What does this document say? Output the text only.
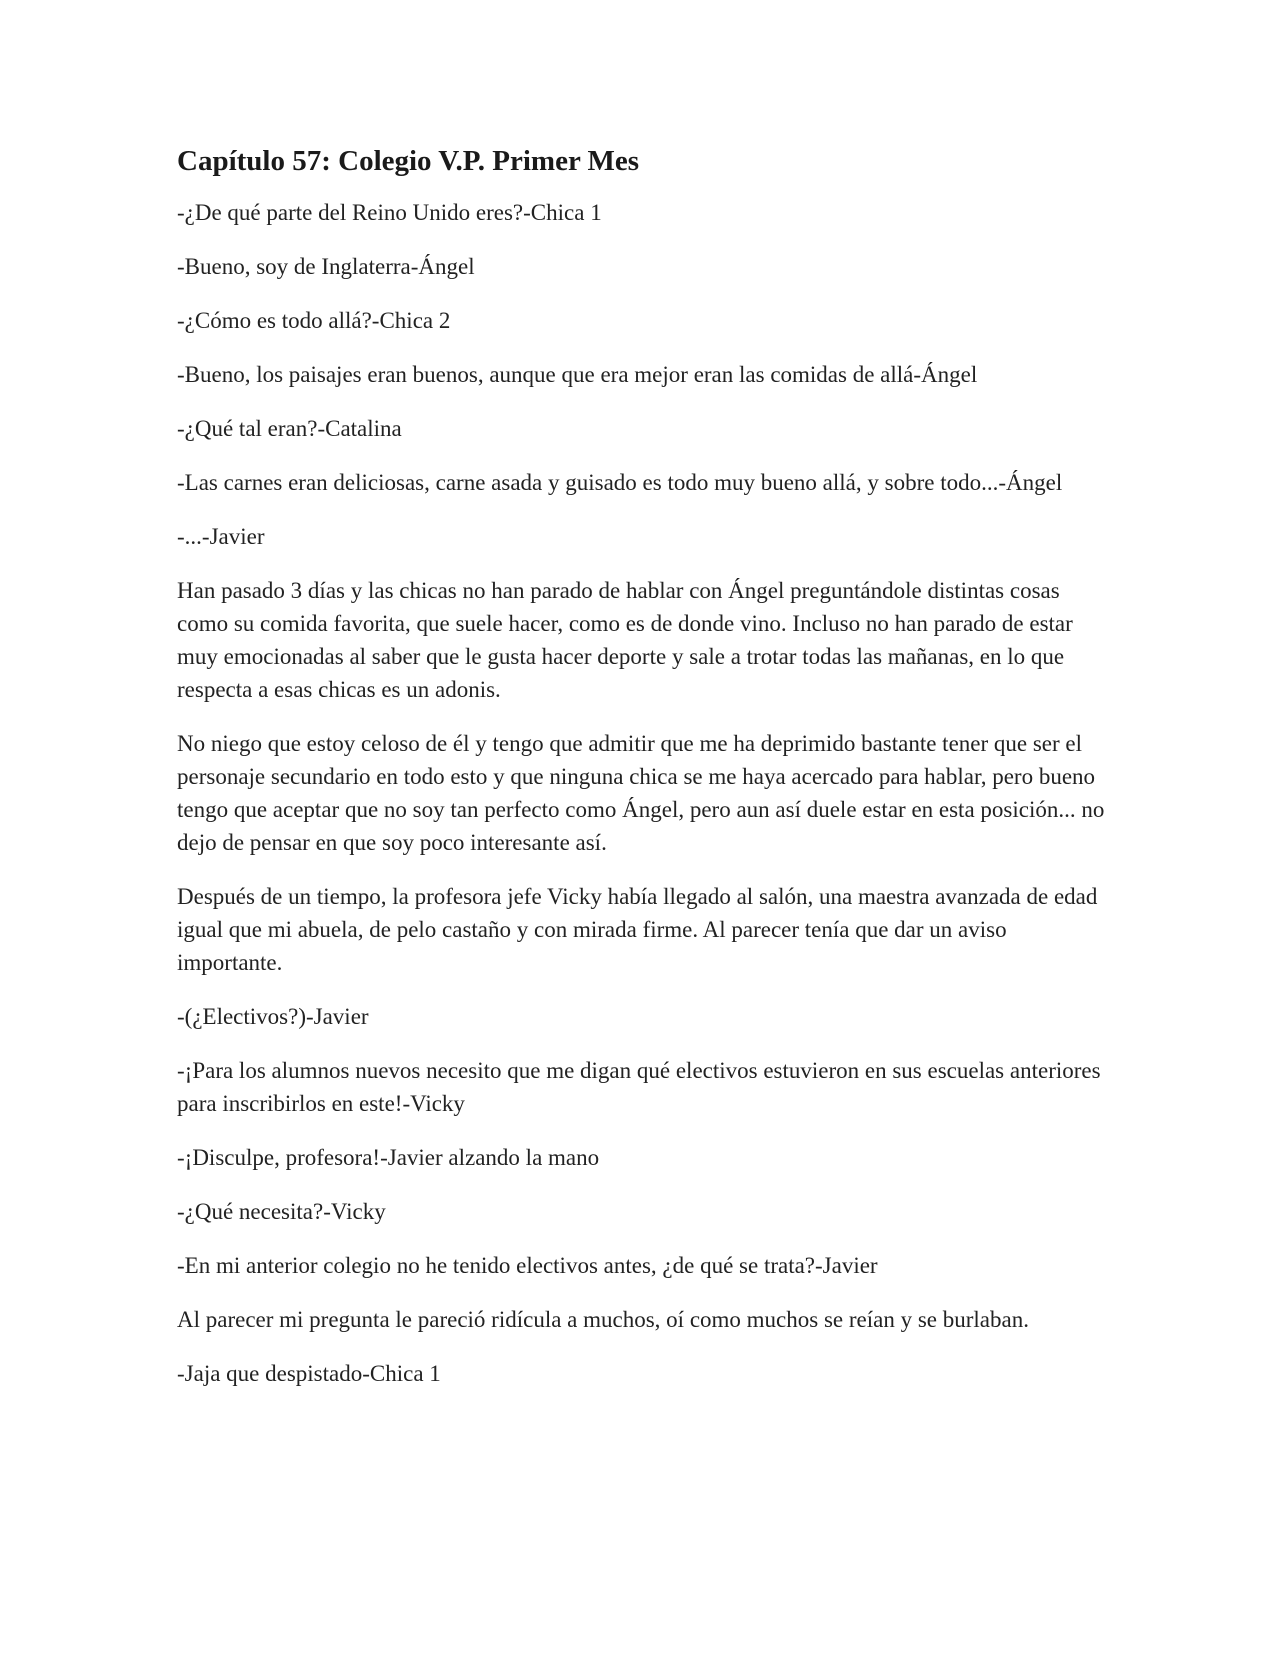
Capítulo 57: Colegio V.P. Primer Mes

-¿De qué parte del Reino Unido eres?-Chica 1

-Bueno, soy de Inglaterra-Ángel

-¿Cómo es todo allá?-Chica 2

-Bueno, los paisajes eran buenos, aunque que era mejor eran las comidas de allá-Ángel

-¿Qué tal eran?-Catalina

-Las carnes eran deliciosas, carne asada y guisado es todo muy bueno allá, y sobre todo...-Ángel

-...-Javier

Han pasado 3 días y las chicas no han parado de hablar con Ángel preguntándole distintas cosas como su comida favorita, que suele hacer, como es de donde vino. Incluso no han parado de estar muy emocionadas al saber que le gusta hacer deporte y sale a trotar todas las mañanas, en lo que respecta a esas chicas es un adonis.

No niego que estoy celoso de él y tengo que admitir que me ha deprimido bastante tener que ser el personaje secundario en todo esto y que ninguna chica se me haya acercado para hablar, pero bueno tengo que aceptar que no soy tan perfecto como Ángel, pero aun así duele estar en esta posición... no dejo de pensar en que soy poco interesante así.

Después de un tiempo, la profesora jefe Vicky había llegado al salón, una maestra avanzada de edad igual que mi abuela, de pelo castaño y con mirada firme. Al parecer tenía que dar un aviso importante.

-(¿Electivos?)-Javier

-¡Para los alumnos nuevos necesito que me digan qué electivos estuvieron en sus escuelas anteriores para inscribirlos en este!-Vicky

-¡Disculpe, profesora!-Javier alzando la mano

-¿Qué necesita?-Vicky

-En mi anterior colegio no he tenido electivos antes, ¿de qué se trata?-Javier

Al parecer mi pregunta le pareció ridícula a muchos, oí como muchos se reían y se burlaban.

-Jaja que despistado-Chica 1
